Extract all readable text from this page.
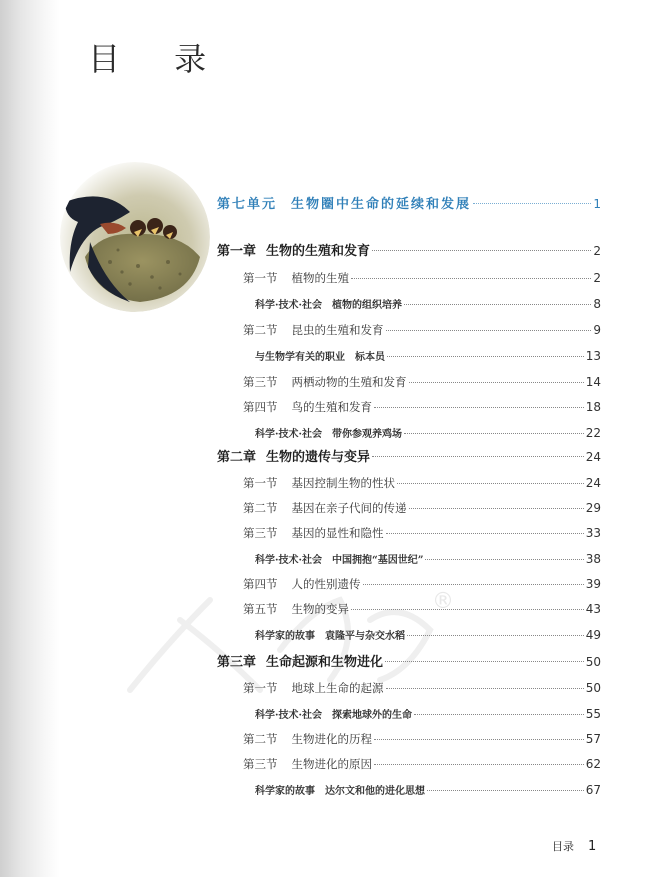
目 录
®
第七单元 生物圈中生命的延续和发展	1
第一章 生物的生殖和发育	2
第一节 植物的生殖	2
科学·技术·社会 植物的组织培养	8
第二节 昆虫的生殖和发育	9
与生物学有关的职业 标本员	13
第三节 两栖动物的生殖和发育	14
第四节 鸟的生殖和发育	18
科学·技术·社会 带你参观养鸡场	22
第二章 生物的遗传与变异	24
第一节 基因控制生物的性状	24
第二节 基因在亲子代间的传递	29
第三节 基因的显性和隐性	33
科学·技术·社会 中国拥抱“基因世纪”	38
第四节 人的性别遗传	39
第五节 生物的变异	43
科学家的故事 袁隆平与杂交水稻	49
第三章 生命起源和生物进化	50
第一节 地球上生命的起源	50
科学·技术·社会 探索地球外的生命	55
第二节 生物进化的历程	57
第三节 生物进化的原因	62
科学家的故事 达尔文和他的进化思想	67
目录 1
